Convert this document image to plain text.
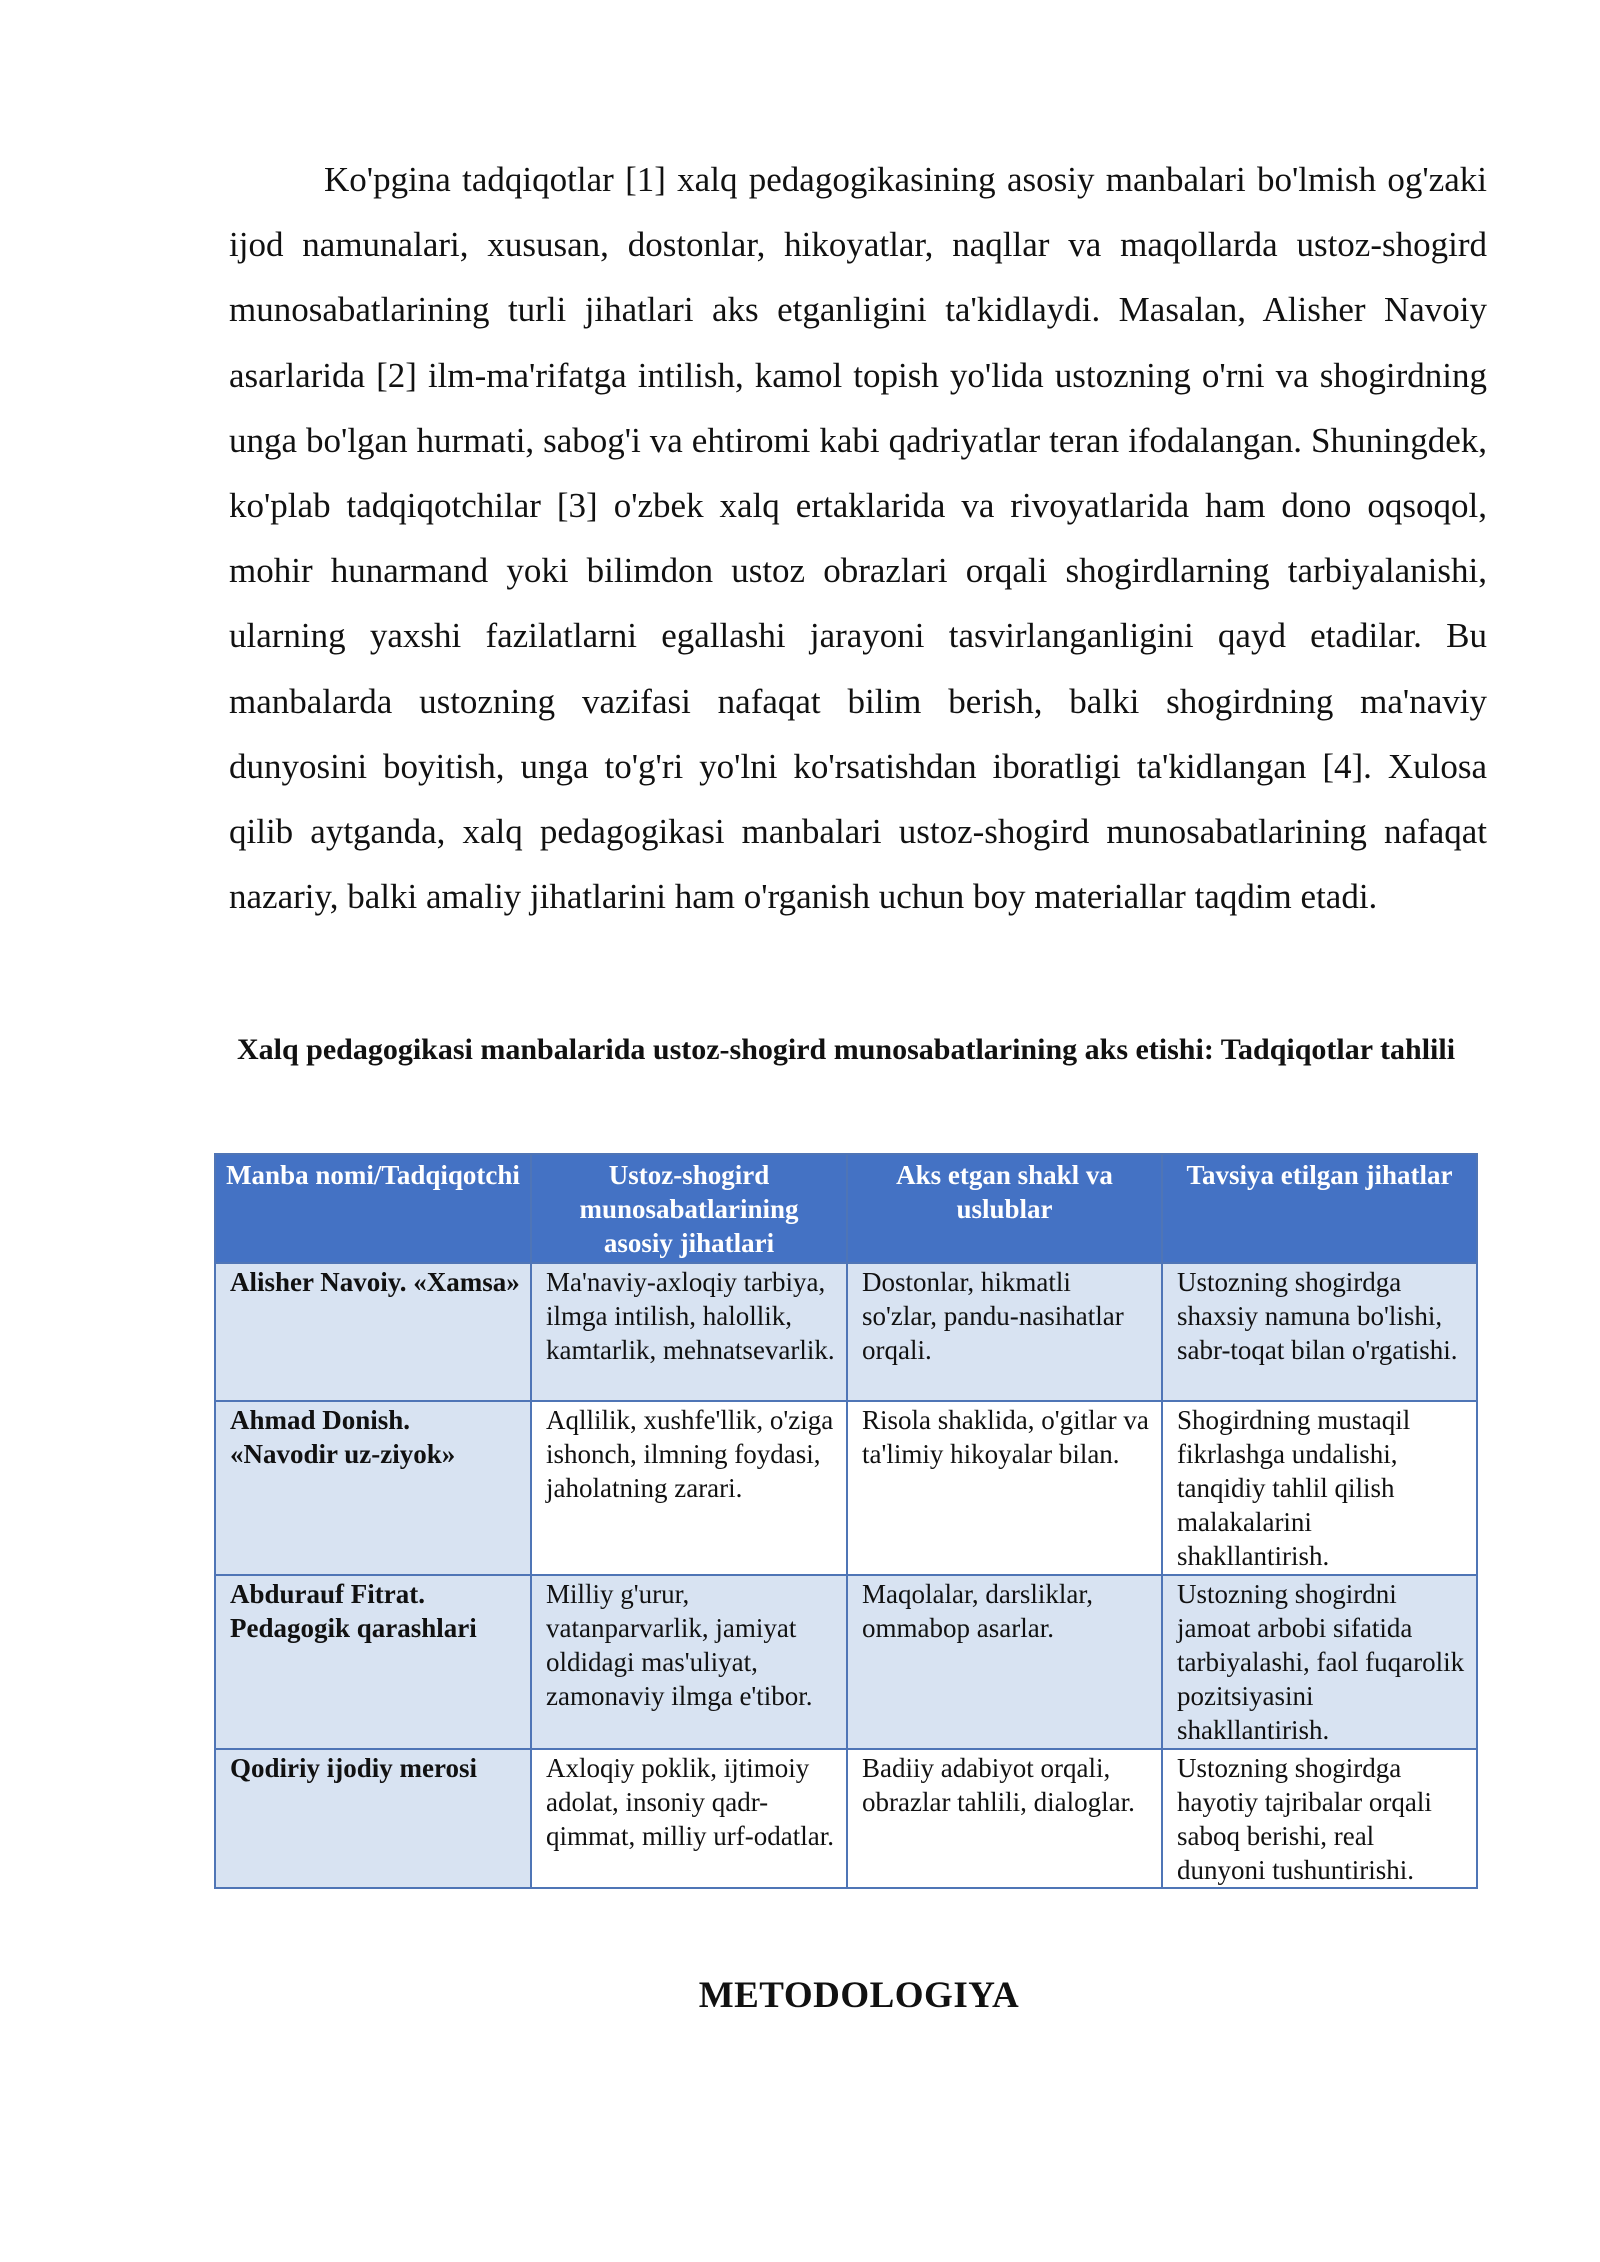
Ko'pgina tadqiqotlar [1] xalq pedagogikasining asosiy manbalari bo'lmish og'zaki ijod namunalari, xususan, dostonlar, hikoyatlar, naqllar va maqollarda ustoz-shogird munosabatlarining turli jihatlari aks etganligini ta'kidlaydi. Masalan, Alisher Navoiy asarlarida [2] ilm-ma'rifatga intilish, kamol topish yo'lida ustozning o'rni va shogirdning unga bo'lgan hurmati, sabog'i va ehtiromi kabi qadriyatlar teran ifodalangan. Shuningdek, ko'plab tadqiqotchilar [3] o'zbek xalq ertaklarida va rivoyatlarida ham dono oqsoqol, mohir hunarmand yoki bilimdon ustoz obrazlari orqali shogirdlarning tarbiyalanishi, ularning yaxshi fazilatlarni egallashi jarayoni tasvirlanganligini qayd etadilar. Bu manbalarda ustozning vazifasi nafaqat bilim berish, balki shogirdning ma'naviy dunyosini boyitish, unga to'g'ri yo'lni ko'rsatishdan iboratligi ta'kidlangan [4]. Xulosa qilib aytganda, xalq pedagogikasi manbalari ustoz-shogird munosabatlarining nafaqat nazariy, balki amaliy jihatlarini ham o'rganish uchun boy materiallar taqdim etadi.

Xalq pedagogikasi manbalarida ustoz-shogird munosabatlarining aks etishi: Tadqiqotlar tahlili

Manba nomi/Tadqiqotchi	Ustoz-shogird munosabatlarining asosiy jihatlari	Aks etgan shakl va uslublar	Tavsiya etilgan jihatlar
Alisher Navoiy. «Xamsa»	Ma'naviy-axloqiy tarbiya, ilmga intilish, halollik, kamtarlik, mehnatsevarlik.	Dostonlar, hikmatli so'zlar, pandu-nasihatlar orqali.	Ustozning shogirdga shaxsiy namuna bo'lishi, sabr-toqat bilan o'rgatishi.
Ahmad Donish. «Navodir uz-ziyok»	Aqllilik, xushfe'llik, o'ziga ishonch, ilmning foydasi, jaholatning zarari.	Risola shaklida, o'gitlar va ta'limiy hikoyalar bilan.	Shogirdning mustaqil fikrlashga undalishi, tanqidiy tahlil qilish malakalarini shakllantirish.
Abdurauf Fitrat. Pedagogik qarashlari	Milliy g'urur, vatanparvarlik, jamiyat oldidagi mas'uliyat, zamonaviy ilmga e'tibor.	Maqolalar, darsliklar, ommabop asarlar.	Ustozning shogirdni jamoat arbobi sifatida tarbiyalashi, faol fuqarolik pozitsiyasini shakllantirish.
Qodiriy ijodiy merosi	Axloqiy poklik, ijtimoiy adolat, insoniy qadr-qimmat, milliy urf-odatlar.	Badiiy adabiyot orqali, obrazlar tahlili, dialoglar.	Ustozning shogirdga hayotiy tajribalar orqali saboq berishi, real dunyoni tushuntirishi.
METODOLOGIYA
